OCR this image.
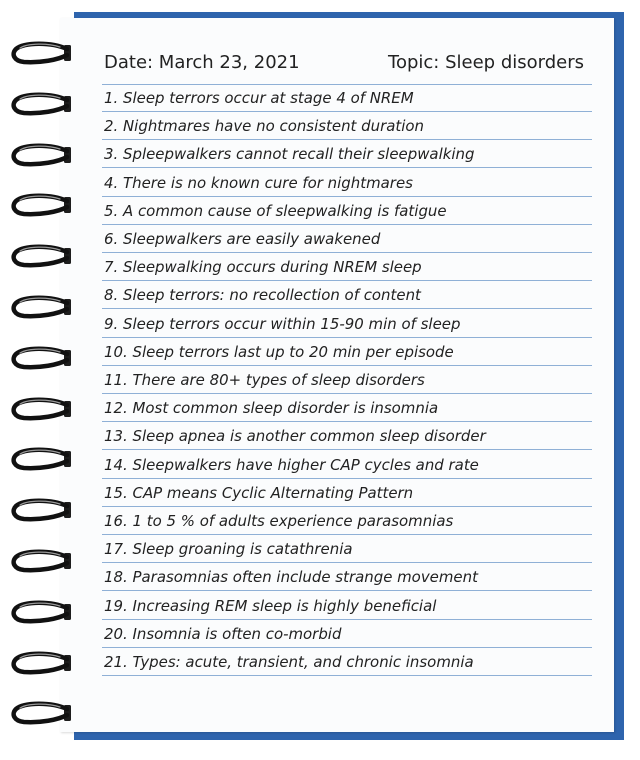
Date: March 23, 2021	Topic: Sleep disorders
1. Sleep terrors occur at stage 4 of NREM
2. Nightmares have no consistent duration
3. Spleepwalkers cannot recall their sleepwalking
4. There is no known cure for nightmares
5. A common cause of sleepwalking is fatigue
6. Sleepwalkers are easily awakened
7. Sleepwalking occurs during NREM sleep
8. Sleep terrors: no recollection of content
9. Sleep terrors occur within 15-90 min of sleep
10. Sleep terrors last up to 20 min per episode
11. There are 80+ types of sleep disorders
12. Most common sleep disorder is insomnia
13. Sleep apnea is another common sleep disorder
14. Sleepwalkers have higher CAP cycles and rate
15. CAP means Cyclic Alternating Pattern
16. 1 to 5 % of adults experience parasomnias
17. Sleep groaning is catathrenia
18. Parasomnias often include strange movement
19. Increasing REM sleep is highly beneficial
20. Insomnia is often co-morbid
21. Types: acute, transient, and chronic insomnia
